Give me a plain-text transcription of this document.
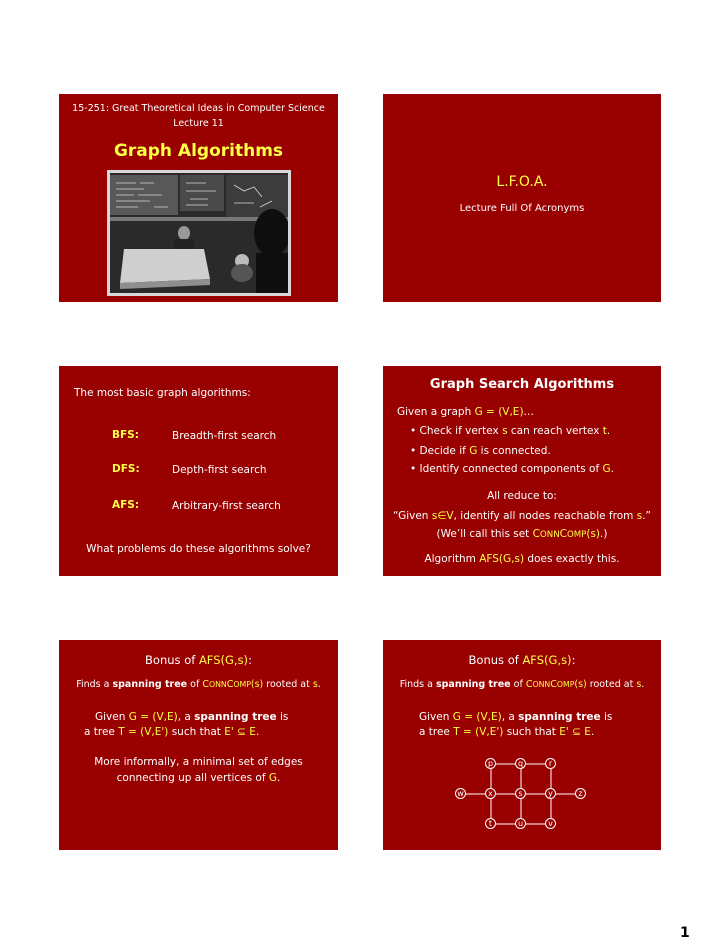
15-251: Great Theoretical Ideas in Computer Science
Lecture 11
Graph Algorithms
L.F.O.A.
Lecture Full Of Acronyms
The most basic graph algorithms:
BFS:	Breadth-first search
DFS:	Depth-first search
AFS:	Arbitrary-first search
What problems do these algorithms solve?
Graph Search Algorithms
Given a graph G = (V,E)…
• Check if vertex s can reach vertex t.
• Decide if G is connected.
• Identify connected components of G.
All reduce to:
“Given s∈V, identify all nodes reachable from s.”
(We’ll call this set CONNCOMP(s).)
Algorithm AFS(G,s) does exactly this.
Bonus of AFS(G,s):
Finds a spanning tree of CONNCOMP(s) rooted at s.
Given G = (V,E), a spanning tree is
a tree T = (V,E') such that E' ⊆ E.
More informally, a minimal set of edges
connecting up all vertices of G.
Bonus of AFS(G,s):
Finds a spanning tree of CONNCOMP(s) rooted at s.
Given G = (V,E), a spanning tree is
a tree T = (V,E') such that E' ⊆ E.
p	q	r
w	x	s	y	z
t	u	v
1
